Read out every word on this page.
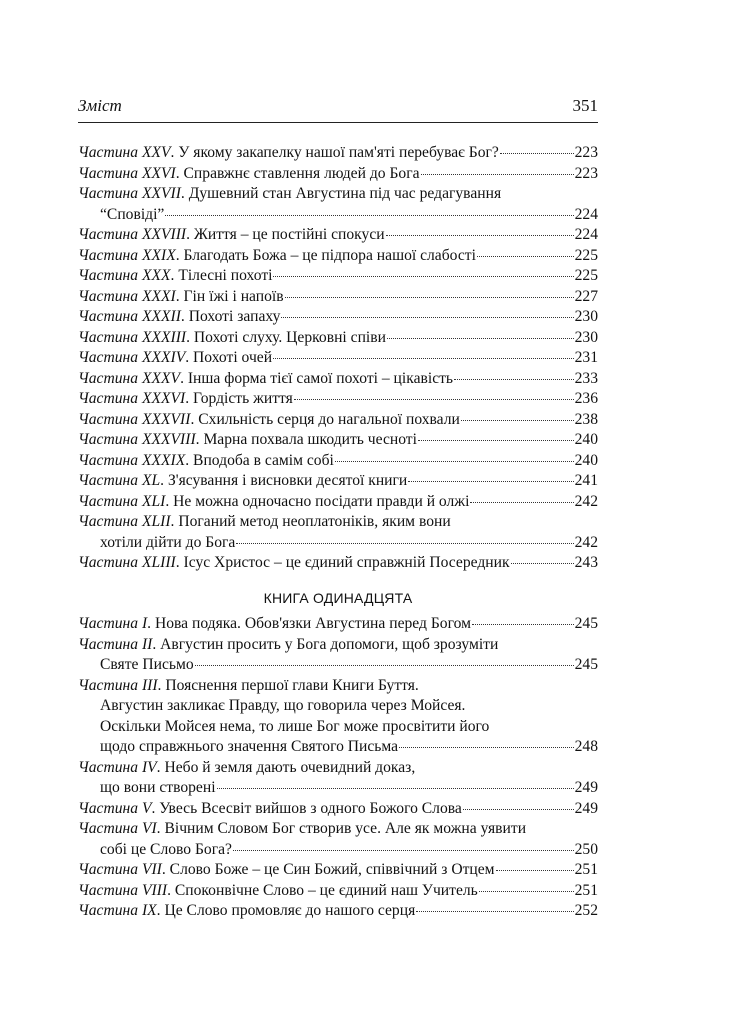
Зміст	351
Частина XXV . У якому закапелку нашої пам'яті перебуває Бог?	223
Частина XXVI . Справжнє ставлення людей до Бога	223
Частина XXVII . Душевний стан Августина під час редагування
“Сповіді”	224
Частина XXVIII . Життя – це постійні спокуси	224
Частина XXIX . Благодать Божа – це підпора нашої слабості	225
Частина XXX . Тілесні похоті	225
Частина XXXI . Гін їжі і напоїв	227
Частина XXXII . Похоті запаху	230
Частина XXXIII . Похоті слуху. Церковні співи	230
Частина XXXIV . Похоті очей	231
Частина XXXV . Інша форма тієї самої похоті – цікавість	233
Частина XXXVI . Гордість життя	236
Частина XXXVII . Схильність серця до нагальної похвали	238
Частина XXXVIII . Марна похвала шкодить чесноті	240
Частина XXXIX . Вподоба в самім собі	240
Частина XL . З'ясування і висновки десятої книги	241
Частина XLI . Не можна одночасно посідати правди й олжі	242
Частина XLII . Поганий метод неоплатоніків, яким вони
хотіли дійти до Бога	242
Частина XLIII . Ісус Христос – це єдиний справжній Посередник	243
КНИГА ОДИНАДЦЯТА
Частина I . Нова подяка. Обов'язки Августина перед Богом	245
Частина II . Августин просить у Бога допомоги, щоб зрозуміти
Святе Письмо	245
Частина III . Пояснення першої глави Книги Буття.
Августин закликає Правду, що говорила через Мойсея.
Оскільки Мойсея нема, то лише Бог може просвітити його
щодо справжнього значення Святого Письма	248
Частина IV . Небо й земля дають очевидний доказ,
що вони створені	249
Частина V . Увесь Всесвіт вийшов з одного Божого Слова	249
Частина VI . Вічним Словом Бог створив усе. Але як можна уявити
собі це Слово Бога?	250
Частина VII . Слово Боже – це Син Божий, співвічний з Отцем	251
Частина VIII . Споконвічне Слово – це єдиний наш Учитель	251
Частина IX . Це Слово промовляє до нашого серця	252
